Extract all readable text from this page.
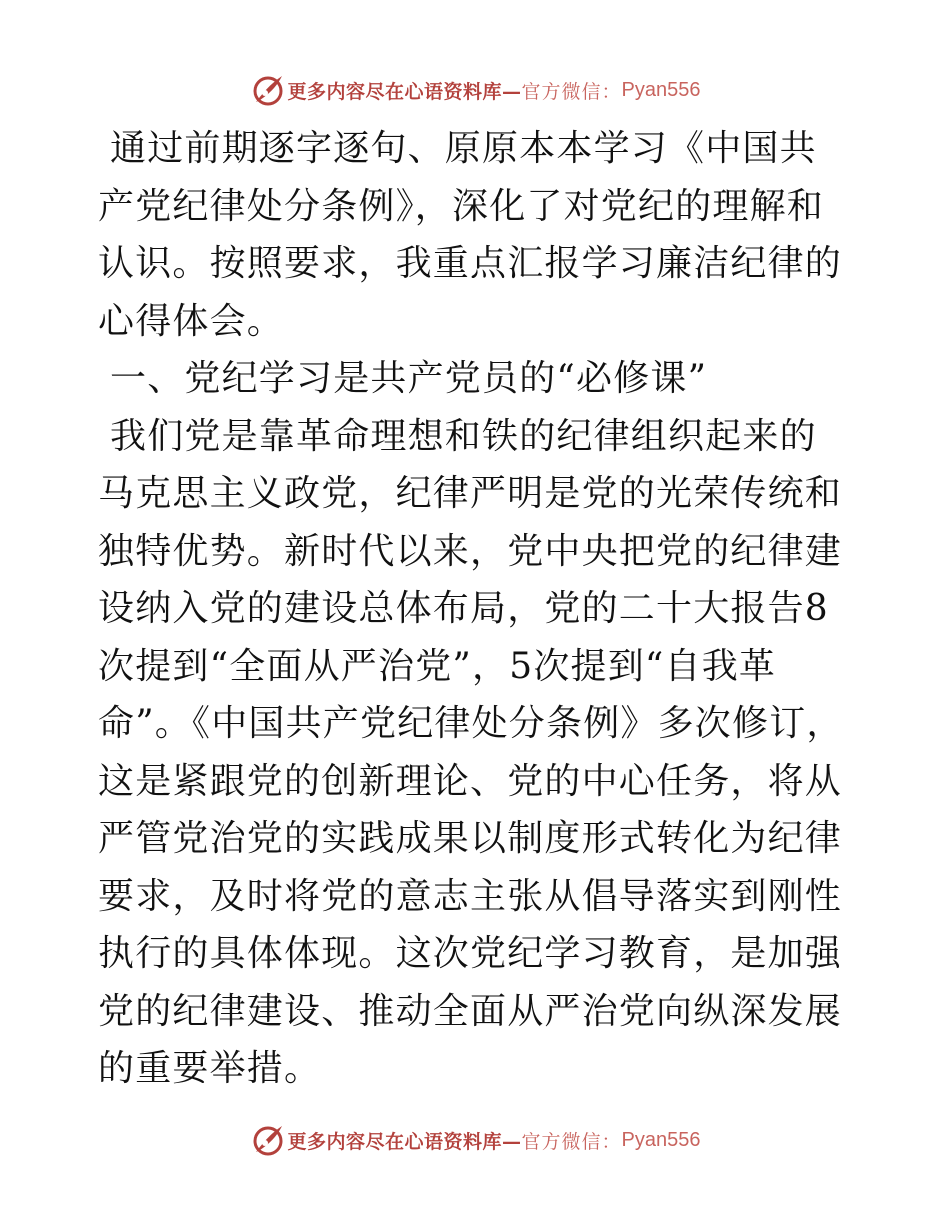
更多内容尽在心语资料库— 官方微信： Pyan556

通过前期逐字逐句、原原本本学习《中国共产党纪律处分条例》，深化了对党纪的理解和认识。按照要求，我重点汇报学习廉洁纪律的心得体会。

一、党纪学习是共产党员的“必修课”

我们党是靠革命理想和铁的纪律组织起来的马克思主义政党，纪律严明是党的光荣传统和独特优势。新时代以来，党中央把党的纪律建设纳入党的建设总体布局，党的二十大报告8次提到“全面从严治党”，5次提到“自我革命”。《中国共产党纪律处分条例》多次修订，这是紧跟党的创新理论、党的中心任务，将从严管党治党的实践成果以制度形式转化为纪律要求，及时将党的意志主张从倡导落实到刚性执行的具体体现。这次党纪学习教育，是加强党的纪律建设、推动全面从严治党向纵深发展的重要举措。

更多内容尽在心语资料库— 官方微信： Pyan556
